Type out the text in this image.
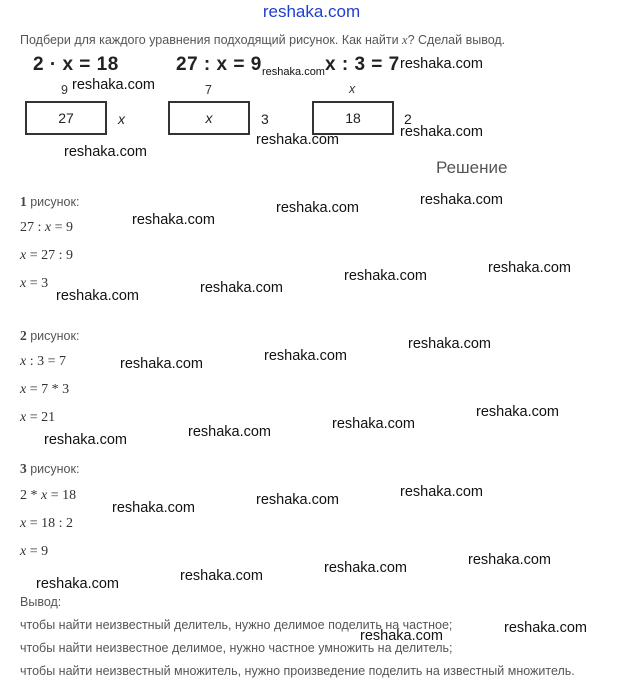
reshaka.com
Подбери для каждого уравнения подходящий рисунок. Как найти x? Сделай вывод.
2 · x = 18	27 : x = 9	x : 3 = 7
9
27	x
7
x	3
x
18	2
Решение
1 рисунок:
27 : x = 9
x = 27 : 9
x = 3
2 рисунок:
x : 3 = 7
x = 7 * 3
x = 21
3 рисунок:
2 * x = 18
x = 18 : 2
x = 9
Вывод:
чтобы найти неизвестный делитель, нужно делимое поделить на частное;
чтобы найти неизвестное делимое, нужно частное умножить на делитель;
чтобы найти неизвестный множитель, нужно произведение поделить на известный множитель.
reshaka.com
reshaka.com	reshaka.com
reshaka.com
reshaka.com
reshaka.com
reshaka.com
reshaka.com
reshaka.com
reshaka.com
reshaka.com
reshaka.com
reshaka.com
reshaka.com
reshaka.com
reshaka.com
reshaka.com
reshaka.com
reshaka.com
reshaka.com
reshaka.com
reshaka.com
reshaka.com
reshaka.com
reshaka.com
reshaka.com
reshaka.com
reshaka.com
reshaka.com
